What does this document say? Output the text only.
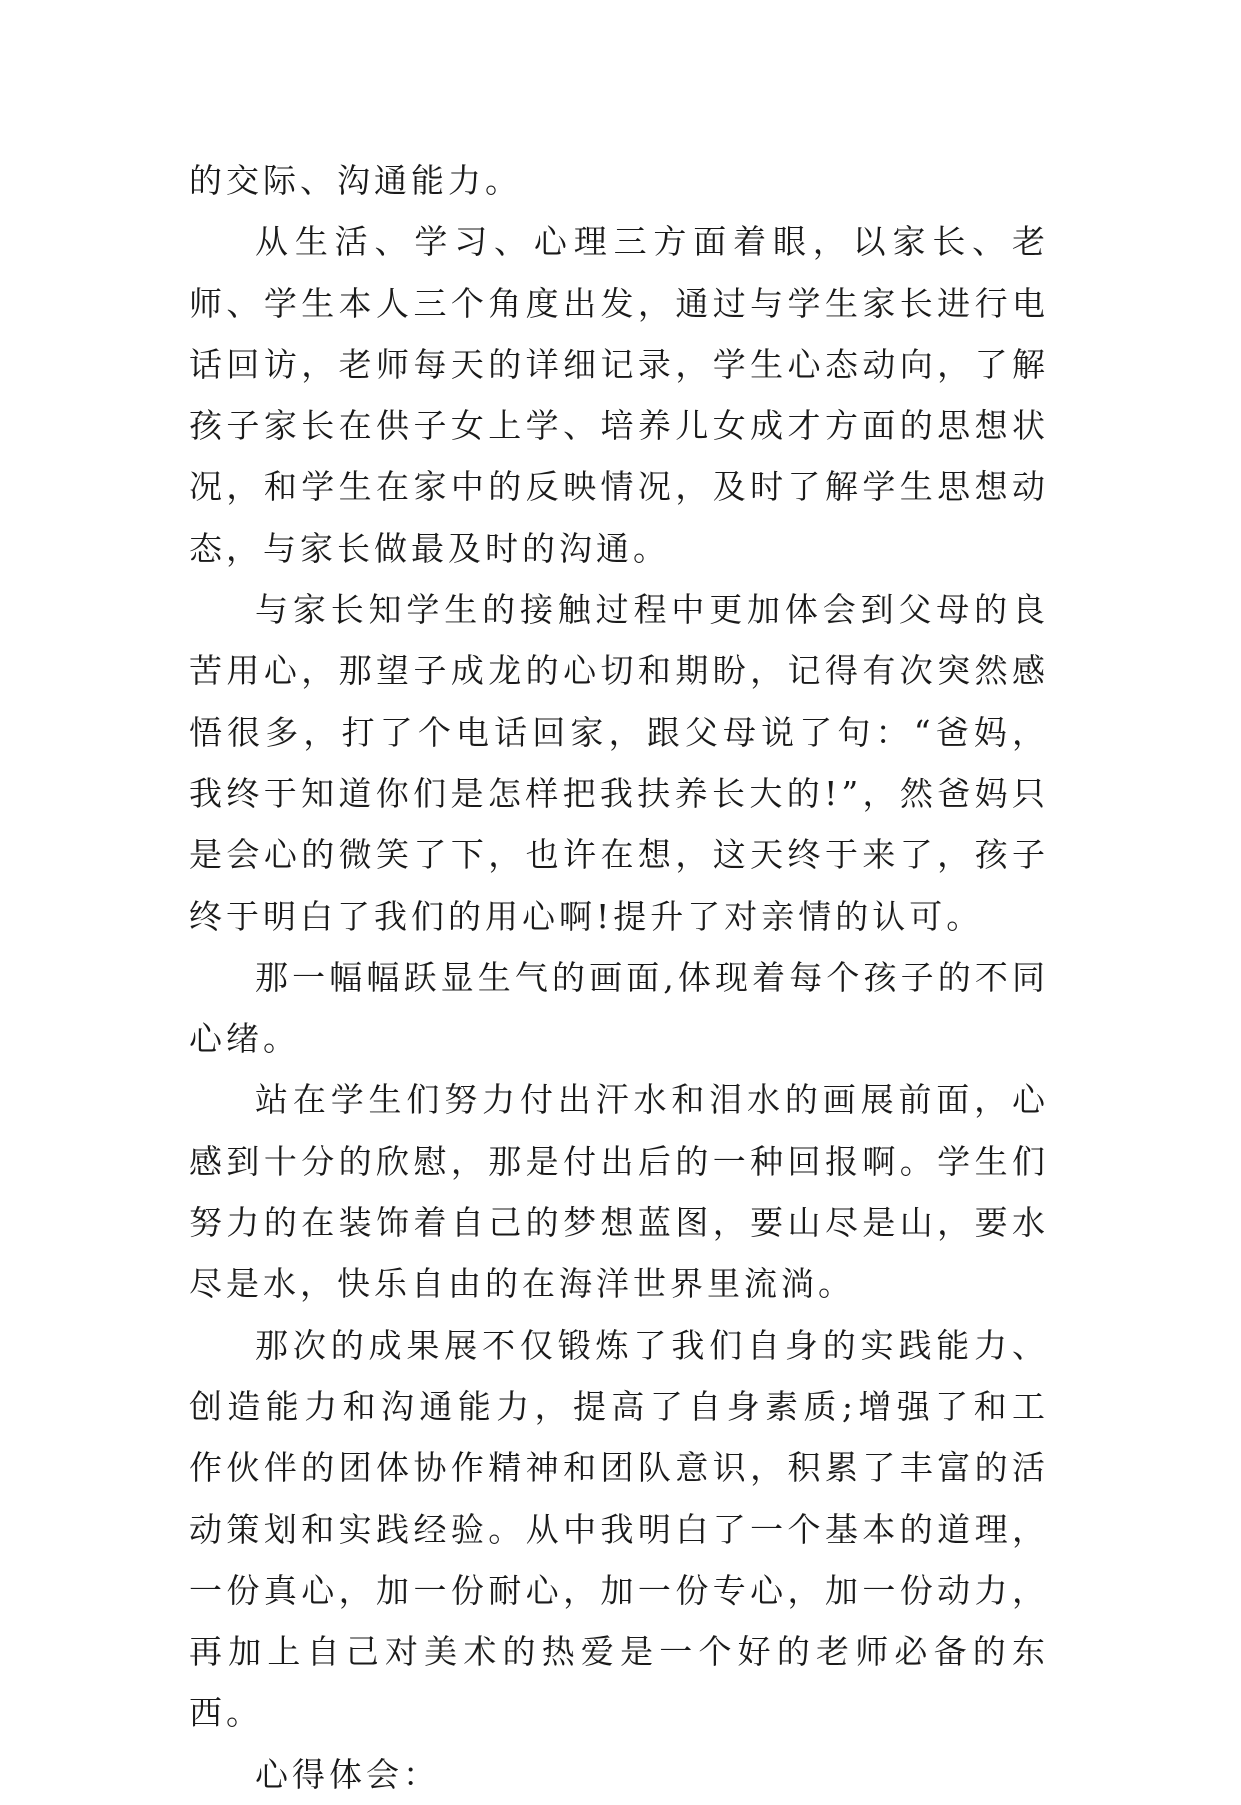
的交际、沟通能力。

从生活、学习、心理三方面着眼，以家长、老师、学生本人三个角度出发，通过与学生家长进行电话回访，老师每天的详细记录，学生心态动向，了解孩子家长在供子女上学、培养儿女成才方面的思想状况，和学生在家中的反映情况，及时了解学生思想动态，与家长做最及时的沟通。

与家长知学生的接触过程中更加体会到父母的良苦用心，那望子成龙的心切和期盼，记得有次突然感悟很多，打了个电话回家，跟父母说了句：“爸妈，我终于知道你们是怎样把我扶养长大的!”，然爸妈只是会心的微笑了下，也许在想，这天终于来了，孩子终于明白了我们的用心啊!提升了对亲情的认可。

那一幅幅跃显生气的画面,体现着每个孩子的不同心绪。

站在学生们努力付出汗水和泪水的画展前面，心感到十分的欣慰，那是付出后的一种回报啊。学生们努力的在装饰着自己的梦想蓝图，要山尽是山，要水尽是水，快乐自由的在海洋世界里流淌。

那次的成果展不仅锻炼了我们自身的实践能力、创造能力和沟通能力，提高了自身素质;增强了和工作伙伴的团体协作精神和团队意识，积累了丰富的活动策划和实践经验。从中我明白了一个基本的道理，一份真心，加一份耐心，加一份专心，加一份动力，再加上自己对美术的热爱是一个好的老师必备的东西。

心得体会：
